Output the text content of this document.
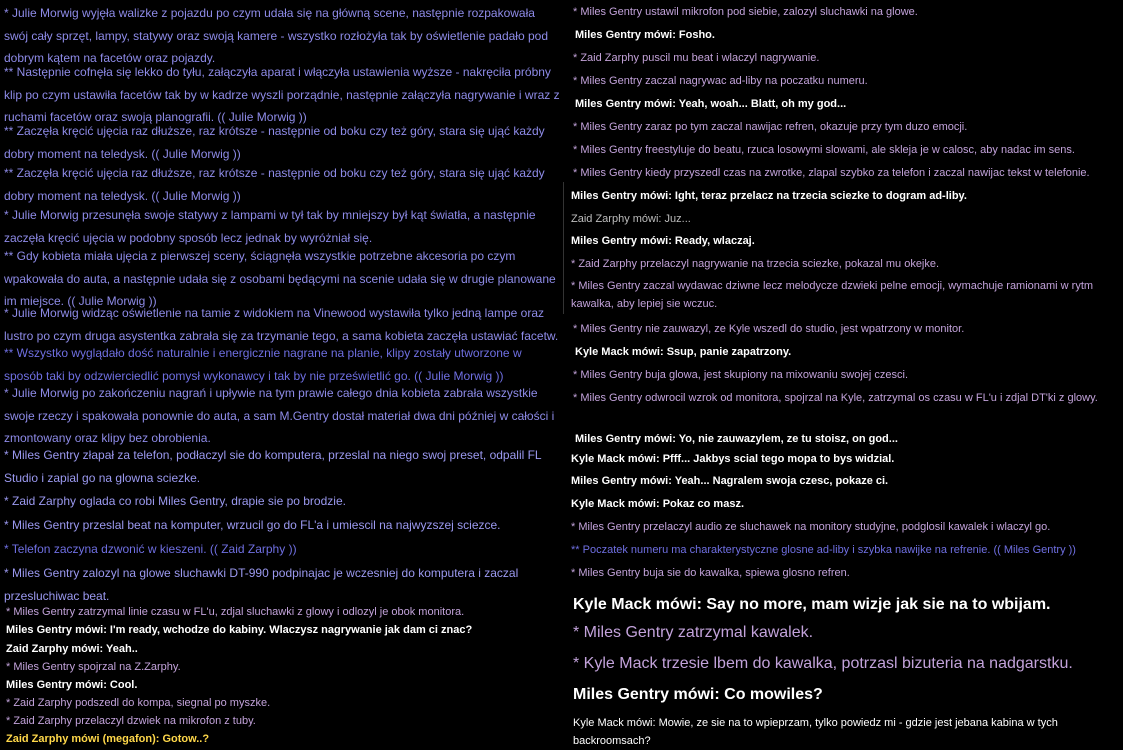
* Julie Morwig wyjęła walizke z pojazdu po czym udała się na główną scene, następnie rozpakowała swój cały sprzęt, lampy, statywy oraz swoją kamere - wszystko rozłożyła tak by oświetlenie padało pod dobrym kątem na facetów oraz pojazdy.
** Następnie cofnęła się lekko do tyłu, załączyła aparat i włączyła ustawienia wyższe - nakręciła próbny klip po czym ustawiła facetów tak by w kadrze wyszli porządnie, następnie załączyła nagrywanie i wraz z ruchami facetów oraz swoją planografii. (( Julie Morwig ))
** Zaczęła kręcić ujęcia raz dłuższe, raz krótsze - następnie od boku czy też góry, stara się ująć każdy dobry moment na teledysk. (( Julie Morwig ))
** Zaczęła kręcić ujęcia raz dłuższe, raz krótsze - następnie od boku czy też góry, stara się ująć każdy dobry moment na teledysk. (( Julie Morwig ))
* Julie Morwig przesunęła swoje statywy z lampami w tył tak by mniejszy był kąt światła, a następnie zaczęła kręcić ujęcia w podobny sposób lecz jednak by wyróżniał się.
** Gdy kobieta miała ujęcia z pierwszej sceny, ściągnęła wszystkie potrzebne akcesoria po czym wpakowała do auta, a następnie udała się z osobami będącymi na scenie udała się w drugie planowane im miejsce. (( Julie Morwig ))
* Julie Morwig widząc oświetlenie na tamie z widokiem na Vinewood wystawiła tylko jedną lampe oraz lustro po czym druga asystentka zabrała się za trzymanie tego, a sama kobieta zaczęła ustawiać facetw.
** Wszystko wyglądało dość naturalnie i energicznie nagrane na planie, klipy zostały utworzone w sposób taki by odzwierciedlić pomysł wykonawcy i tak by nie prześwietlić go. (( Julie Morwig ))
* Julie Morwig po zakończeniu nagrań i upływie na tym prawie całego dnia kobieta zabrała wszystkie swoje rzeczy i spakowała ponownie do auta, a sam M.Gentry dostał materiał dwa dni później w całości i zmontowany oraz klipy bez obrobienia.
* Miles Gentry złapał za telefon, podłaczyl sie do komputera, przeslal na niego swoj preset, odpalil FL Studio i zapial go na glowna sciezke.
* Zaid Zarphy oglada co robi Miles Gentry, drapie sie po brodzie.
* Miles Gentry przeslal beat na komputer, wrzucil go do FL'a i umiescil na najwyzszej sciezce.
* Telefon zaczyna dzwonić w kieszeni. (( Zaid Zarphy ))
* Miles Gentry zalozyl na glowe sluchawki DT-990 podpinajac je wczesniej do komputera i zaczal przesluchiwac beat.
* Miles Gentry zatrzymal linie czasu w FL'u, zdjal sluchawki z glowy i odlozyl je obok monitora.
Miles Gentry mówi: I'm ready, wchodze do kabiny. Wlaczysz nagrywanie jak dam ci znac?
Zaid Zarphy mówi: Yeah..
* Miles Gentry spojrzal na Z.Zarphy.
Miles Gentry mówi: Cool.
* Zaid Zarphy podszedl do kompa, siegnal po myszke.
* Zaid Zarphy przelaczyl dzwiek na mikrofon z tuby.
Zaid Zarphy mówi (megafon): Gotow..?
* Miles Gentry ustawil mikrofon pod siebie, zalozyl sluchawki na glowe.
Miles Gentry mówi: Fosho.
* Zaid Zarphy puscil mu beat i wlaczyl nagrywanie.
* Miles Gentry zaczal nagrywac ad-liby na poczatku numeru.
Miles Gentry mówi: Yeah, woah... Blatt, oh my god...
* Miles Gentry zaraz po tym zaczal nawijac refren, okazuje przy tym duzo emocji.
* Miles Gentry freestyluje do beatu, rzuca losowymi slowami, ale skleja je w calosc, aby nadac im sens.
* Miles Gentry kiedy przyszedl czas na zwrotke, zlapal szybko za telefon i zaczal nawijac tekst w telefonie.
Miles Gentry mówi: Ight, teraz przelacz na trzecia sciezke to dogram ad-liby.
Zaid Zarphy mówi: Juz...
Miles Gentry mówi: Ready, wlaczaj.
* Zaid Zarphy przelaczyl nagrywanie na trzecia sciezke, pokazal mu okejke.
* Miles Gentry zaczal wydawac dziwne lecz melodycze dzwieki pelne emocji, wymachuje ramionami w rytm kawalka, aby lepiej sie wczuc.
* Miles Gentry nie zauwazyl, ze Kyle wszedl do studio, jest wpatrzony w monitor.
Kyle Mack mówi: Ssup, panie zapatrzony.
* Miles Gentry buja glowa, jest skupiony na mixowaniu swojej czesci.
* Miles Gentry odwrocil wzrok od monitora, spojrzal na Kyle, zatrzymal os czasu w FL'u i zdjal DT'ki z glowy.
Miles Gentry mówi: Yo, nie zauwazylem, ze tu stoisz, on god...
Kyle Mack mówi: Pfff... Jakbys scial tego mopa to bys widzial.
Miles Gentry mówi: Yeah... Nagralem swoja czesc, pokaze ci.
Kyle Mack mówi: Pokaz co masz.
* Miles Gentry przelaczyl audio ze sluchawek na monitory studyjne, podglosil kawalek i wlaczyl go.
** Poczatek numeru ma charakterystyczne glosne ad-liby i szybka nawijke na refrenie. (( Miles Gentry ))
* Miles Gentry buja sie do kawalka, spiewa glosno refren.
Kyle Mack mówi: Say no more, mam wizje jak sie na to wbijam.
* Miles Gentry zatrzymal kawalek.
* Kyle Mack trzesie lbem do kawalka, potrzasl bizuteria na nadgarstku.
Miles Gentry mówi: Co mowiles?
Kyle Mack mówi: Mowie, ze sie na to wpieprzam, tylko powiedz mi - gdzie jest jebana kabina w tych backroomsach?
